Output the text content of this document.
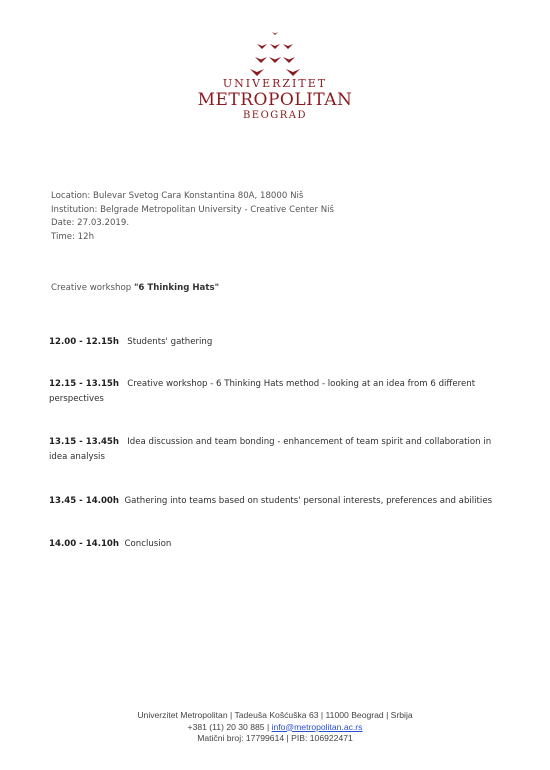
UNIVERZITET
METROPOLITAN
BEOGRAD
Location: Bulevar Svetog Cara Konstantina 80A, 18000 Niš
Institution: Belgrade Metropolitan University - Creative Center Niš
Date: 27.03.2019.
Time: 12h
Creative workshop "6 Thinking Hats"
12.00 - 12.15h Students' gathering
12.15 - 13.15h Creative workshop - 6 Thinking Hats method - looking at an idea from 6 different perspectives
13.15 - 13.45h Idea discussion and team bonding - enhancement of team spirit and collaboration in idea analysis
13.45 - 14.00h Gathering into teams based on students' personal interests, preferences and abilities
14.00 - 14.10h Conclusion
Univerzitet Metropolitan | Tadeuša Košćuška 63 | 11000 Beograd | Srbija
+381 (11) 20 30 885 | info@metropolitan.ac.rs
Matični broj: 17799614 | PIB: 106922471
